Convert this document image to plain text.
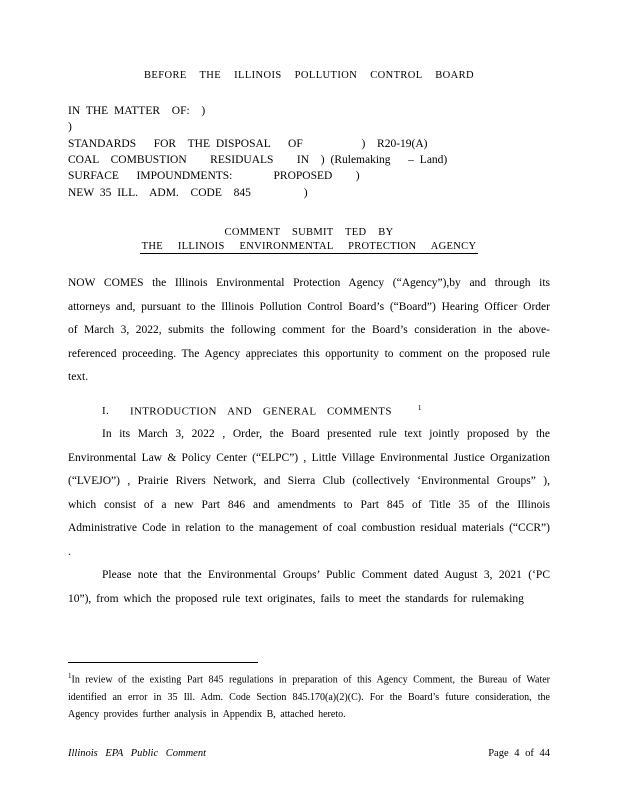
BEFORE THE ILLINOIS POLLUTION CONTROL BOARD
IN THE MATTER  OF:  )
)
STANDARDS   FOR  THE DISPOSAL   OF          )  R20-19(A)
COAL  COMBUSTION    RESIDUALS    IN  ) (Rulemaking   – Land)
SURFACE   IMPOUNDMENTS:       PROPOSED    )
NEW 35 ILL.  ADM.  CODE  845         )
COMMENT SUBMIT TED BY
THE ILLINOIS ENVIRONMENTAL PROTECTION AGENCY

NOW COMES the Illinois Environmental Protection Agency (“Agency”),by and through its attorneys and, pursuant to the Illinois Pollution Control Board’s (“Board”) Hearing Officer Order of March 3, 2022, submits the following comment for the Board’s consideration in the above- referenced proceeding. The Agency appreciates this opportunity to comment on the proposed rule text.

I. INTRODUCTION AND GENERAL COMMENTS	$^1$

In its March 3, 2022 , Order, the Board presented rule text jointly proposed by the Environmental Law & Policy Center (“ELPC”) , Little Village Environmental Justice Organization (“LVEJO”) , Prairie Rivers Network, and Sierra Club (collectively ‘Environmental Groups” ), which consist of a new Part 846 and amendments to Part 845 of Title 35 of the Illinois Administrative Code in relation to the management of coal combustion residual materials (“CCR”) .

Please note that the Environmental Groups’ Public Comment dated August 3, 2021 (‘PC 10”), from which the proposed rule text originates, fails to meet the standards for rulemaking

$^1$In review of the existing Part 845 regulations in preparation of this Agency Comment, the Bureau of Water identified an error in 35 Ill. Adm. Code Section 845.170(a)(2)(C). For the Board’s future consideration, the Agency provides further analysis in Appendix B, attached hereto.
Illinois EPA Public Comment	Page 4 of 44
